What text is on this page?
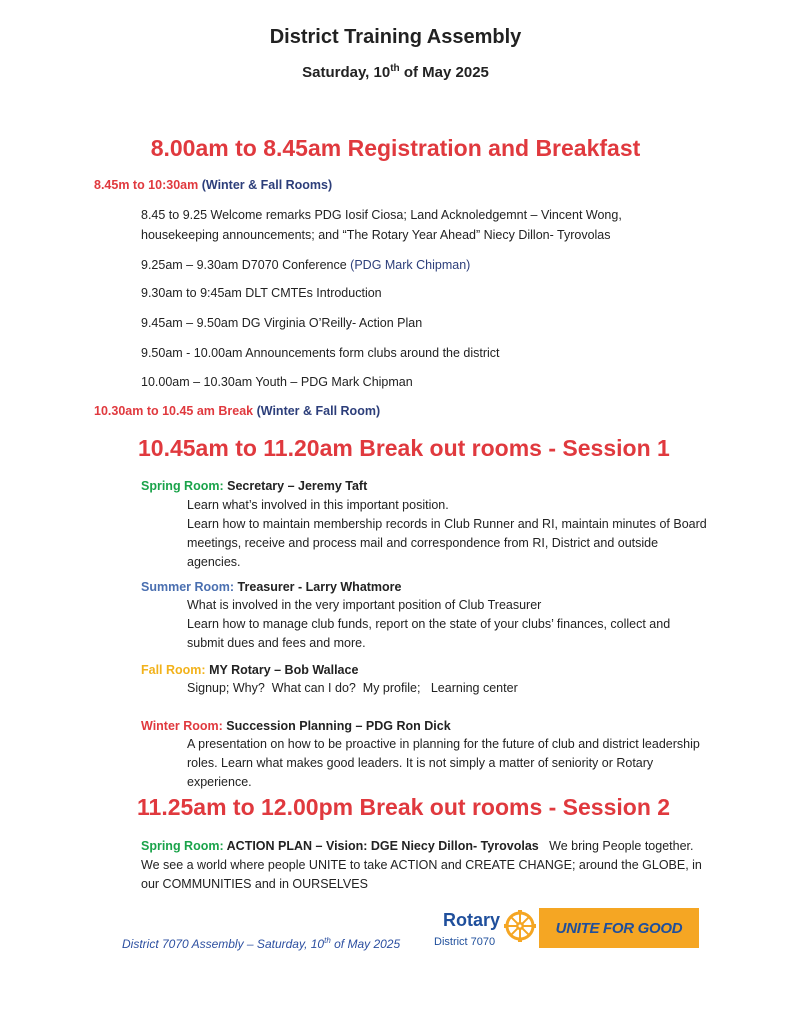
District Training Assembly
Saturday, 10th of May 2025
8.00am to 8.45am Registration and Breakfast
8.45m to 10:30am (Winter & Fall Rooms)
8.45 to 9.25 Welcome remarks PDG Iosif Ciosa; Land Acknoledgemnt – Vincent Wong, housekeeping announcements; and “The Rotary Year Ahead” Niecy Dillon- Tyrovolas
9.25am – 9.30am D7070 Conference (PDG Mark Chipman)
9.30am to 9:45am DLT CMTEs Introduction
9.45am – 9.50am DG Virginia O’Reilly- Action Plan
9.50am - 10.00am Announcements form clubs around the district
10.00am – 10.30am Youth – PDG Mark Chipman
10.30am to 10.45 am Break (Winter & Fall Room)
10.45am to 11.20am Break out rooms - Session 1
Spring Room: Secretary – Jeremy Taft

Learn what’s involved in this important position.

Learn how to maintain membership records in Club Runner and RI, maintain minutes of Board meetings, receive and process mail and correspondence from RI, District and outside agencies.

Summer Room: Treasurer - Larry Whatmore

What is involved in the very important position of Club Treasurer

Learn how to manage club funds, report on the state of your clubs’ finances, collect and submit dues and fees and more.

Fall Room: MY Rotary – Bob Wallace

Signup; Why?  What can I do?  My profile;   Learning center

Winter Room: Succession Planning – PDG Ron Dick

A presentation on how to be proactive in planning for the future of club and district leadership roles. Learn what makes good leaders. It is not simply a matter of seniority or Rotary experience.

11.25am to 12.00pm Break out rooms - Session 2
Spring Room: ACTION PLAN – Vision: DGE Niecy Dillon- Tyrovolas   We bring People together.  We see a world where people UNITE to take ACTION and CREATE CHANGE; around the GLOBE, in our COMMUNITIES and in OURSELVES
District 7070 Assembly – Saturday, 10th of May 2025
Rotary
District 7070
UNITE FOR GOOD
